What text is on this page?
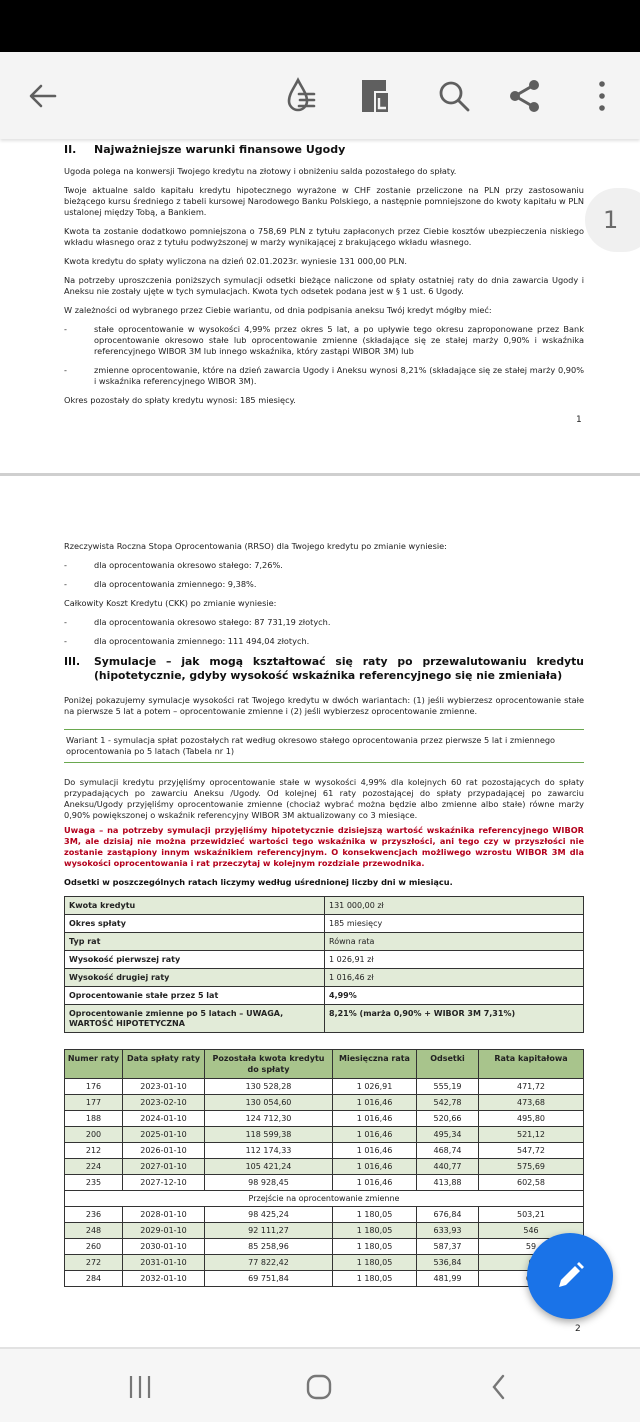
1
II. Najważniejsze warunki finansowe Ugody

Ugoda polega na konwersji Twojego kredytu na złotowy i obniżeniu salda pozostałego do spłaty.

Twoje aktualne saldo kapitału kredytu hipotecznego wyrażone w CHF zostanie przeliczone na PLN przy zastosowaniu bieżącego kursu średniego z tabeli kursowej Narodowego Banku Polskiego, a następnie pomniejszone do kwoty kapitału w PLN ustalonej między Tobą, a Bankiem.

Kwota ta zostanie dodatkowo pomniejszona o 758,69 PLN z tytułu zapłaconych przez Ciebie kosztów ubezpieczenia niskiego wkładu własnego oraz z tytułu podwyższonej w marży wynikającej z brakującego wkładu własnego.

Kwota kredytu do spłaty wyliczona na dzień 02.01.2023r. wyniesie 131 000,00 PLN.

Na potrzeby uproszczenia poniższych symulacji odsetki bieżące naliczone od spłaty ostatniej raty do dnia zawarcia Ugody i Aneksu nie zostały ujęte w tych symulacjach. Kwota tych odsetek podana jest w § 1 ust. 6 Ugody.

W zależności od wybranego przez Ciebie wariantu, od dnia podpisania aneksu Twój kredyt mógłby mieć:

-	stałe oprocentowanie w wysokości 4,99% przez okres 5 lat, a po upływie tego okresu zaproponowane przez Bank oprocentowanie okresowo stałe lub oprocentowanie zmienne (składające się ze stałej marży 0,90% i wskaźnika referencyjnego WIBOR 3M lub innego wskaźnika, który zastąpi WIBOR 3M) lub
-	zmienne oprocentowanie, które na dzień zawarcia Ugody i Aneksu wynosi 8,21% (składające się ze stałej marży 0,90% i wskaźnika referencyjnego WIBOR 3M).

Okres pozostały do spłaty kredytu wynosi: 185 miesięcy.

1

Rzeczywista Roczna Stopa Oprocentowania (RRSO) dla Twojego kredytu po zmianie wyniesie:

-	dla oprocentowania okresowo stałego: 7,26%.
-	dla oprocentowania zmiennego: 9,38%.

Całkowity Koszt Kredytu (CKK) po zmianie wyniesie:

-	dla oprocentowania okresowo stałego: 87 731,19 złotych.
-	dla oprocentowania zmiennego: 111 494,04 złotych.
III.	Symulacje – jak mogą kształtować się raty po przewalutowaniu kredytu (hipotetycznie, gdyby wysokość wskaźnika referencyjnego się nie zmieniała)

Poniżej pokazujemy symulacje wysokości rat Twojego kredytu w dwóch wariantach: (1) jeśli wybierzesz oprocentowanie stałe na pierwsze 5 lat a potem – oprocentowanie zmienne i (2) jeśli wybierzesz oprocentowanie zmienne.

Wariant 1 - symulacja spłat pozostałych rat według okresowo stałego oprocentowania przez pierwsze 5 lat i zmiennego oprocentowania po 5 latach (Tabela nr 1)

Do symulacji kredytu przyjęliśmy oprocentowanie stałe w wysokości 4,99% dla kolejnych 60 rat pozostających do spłaty przypadających po zawarciu Aneksu /Ugody. Od kolejnej 61 raty pozostającej do spłaty przypadającej po zawarciu Aneksu/Ugody przyjęliśmy oprocentowanie zmienne (chociaż wybrać można będzie albo zmienne albo stałe) równe marży 0,90% powiększonej o wskaźnik referencyjny WIBOR 3M aktualizowany co 3 miesiące.

Uwaga – na potrzeby symulacji przyjęliśmy hipotetycznie dzisiejszą wartość wskaźnika referencyjnego WIBOR 3M, ale dzisiaj nie można przewidzieć wartości tego wskaźnika w przyszłości, ani tego czy w przyszłości nie zostanie zastąpiony innym wskaźnikiem referencyjnym. O konsekwencjach możliwego wzrostu WIBOR 3M dla wysokości oprocentowania i rat przeczytaj w kolejnym rozdziale przewodnika.

Odsetki w poszczególnych ratach liczymy według uśrednionej liczby dni w miesiącu.

Kwota kredytu	131 000,00 zł
Okres spłaty	185 miesięcy
Typ rat	Równa rata
Wysokość pierwszej raty	1 026,91 zł
Wysokość drugiej raty	1 016,46 zł
Oprocentowanie stałe przez 5 lat	4,99%
Oprocentowanie zmienne po 5 latach – UWAGA, WARTOŚĆ HIPOTETYCZNA	8,21% (marża 0,90% + WIBOR 3M 7,31%)
Numer raty	Data spłaty raty	Pozostała kwota kredytu do spłaty	Miesięczna rata	Odsetki	Rata kapitałowa
176	2023-01-10	130 528,28	1 026,91	555,19	471,72
177	2023-02-10	130 054,60	1 016,46	542,78	473,68
188	2024-01-10	124 712,30	1 016,46	520,66	495,80
200	2025-01-10	118 599,38	1 016,46	495,34	521,12
212	2026-01-10	112 174,33	1 016,46	468,74	547,72
224	2027-01-10	105 421,24	1 016,46	440,77	575,69
235	2027-12-10	98 928,45	1 016,46	413,88	602,58
Przejście na oprocentowanie zmienne					
236	2028-01-10	98 425,24	1 180,05	676,84	503,21
248	2029-01-10	92 111,27	1 180,05	633,93	546
260	2030-01-10	85 258,96	1 180,05	587,37	59
272	2031-01-10	77 822,42	1 180,05	536,84	
284	2032-01-10	69 751,84	1 180,05	481,99	
2
